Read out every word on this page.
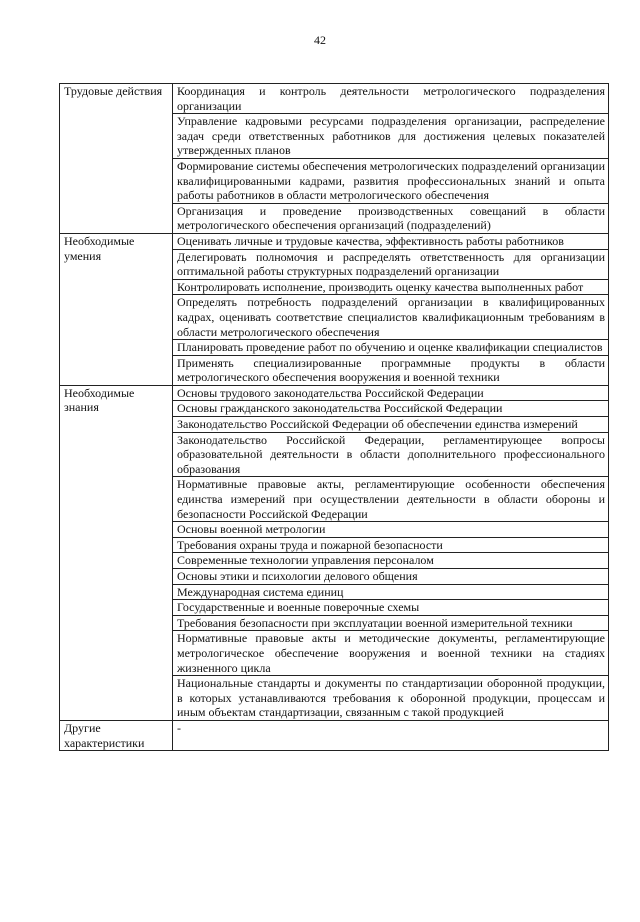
42
Трудовые действия	Координация и контроль деятельности метрологического подразделения организации
	Управление кадровыми ресурсами подразделения организации, распределение задач среди ответственных работников для достижения целевых показателей утвержденных планов
	Формирование системы обеспечения метрологических подразделений организации квалифицированными кадрами, развития профессиональных знаний и опыта работы работников в области метрологического обеспечения
	Организация и проведение производственных совещаний в области метрологического обеспечения организаций (подразделений)
Необходимые умения	Оценивать личные и трудовые качества, эффективность работы работников
	Делегировать полномочия и распределять ответственность для организации оптимальной работы структурных подразделений организации
	Контролировать исполнение, производить оценку качества выполненных работ
	Определять потребность подразделений организации в квалифицированных кадрах, оценивать соответствие специалистов квалификационным требованиям в области метрологического обеспечения
	Планировать проведение работ по обучению и оценке квалификации специалистов
	Применять специализированные программные продукты в области метрологического обеспечения вооружения и военной техники
Необходимые знания	Основы трудового законодательства Российской Федерации
	Основы гражданского законодательства Российской Федерации
	Законодательство Российской Федерации об обеспечении единства измерений
	Законодательство Российской Федерации, регламентирующее вопросы образовательной деятельности в области дополнительного профессионального образования
	Нормативные правовые акты, регламентирующие особенности обеспечения единства измерений при осуществлении деятельности в области обороны и безопасности Российской Федерации
	Основы военной метрологии
	Требования охраны труда и пожарной безопасности
	Современные технологии управления персоналом
	Основы этики и психологии делового общения
	Международная система единиц
	Государственные и военные поверочные схемы
	Требования безопасности при эксплуатации военной измерительной техники
	Нормативные правовые акты и методические документы, регламентирующие метрологическое обеспечение вооружения и военной техники на стадиях жизненного цикла
	Национальные стандарты и документы по стандартизации оборонной продукции, в которых устанавливаются требования к оборонной продукции, процессам и иным объектам стандартизации, связанным с такой продукцией
Другие характеристики	-
